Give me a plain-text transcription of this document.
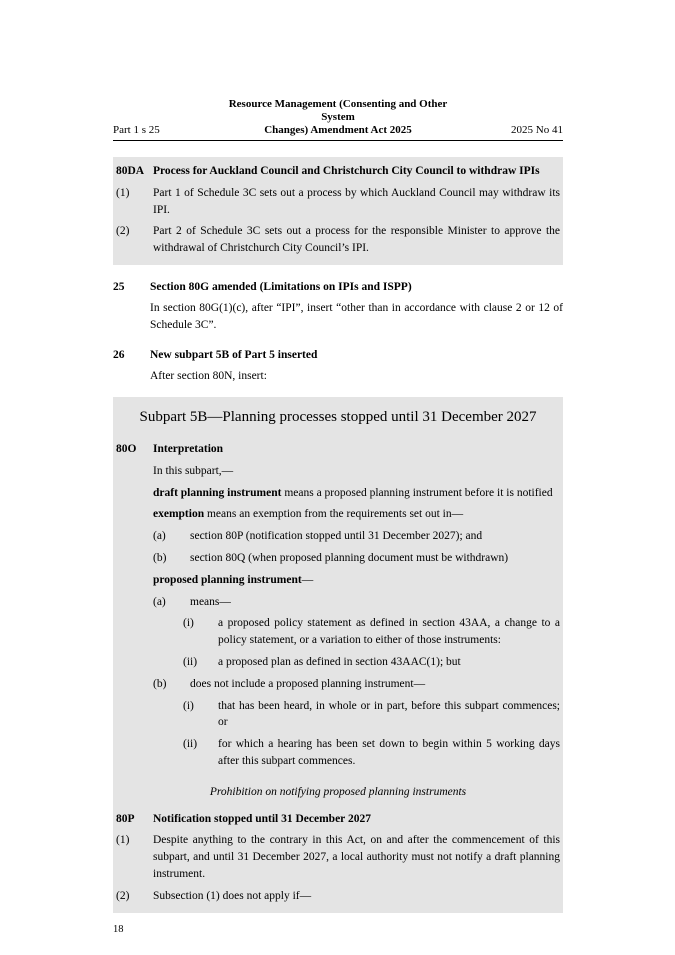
Part 1 s 25
Resource Management (Consenting and Other System
Changes) Amendment Act 2025	2025 No 41
80DA Process for Auckland Council and Christchurch City Council to withdraw IPIs
(1)	Part 1 of Schedule 3C sets out a process by which Auckland Council may withdraw its IPI.
(2)	Part 2 of Schedule 3C sets out a process for the responsible Minister to approve the withdrawal of Christchurch City Council’s IPI.
25	Section 80G amended (Limitations on IPIs and ISPP)
In section 80G(1)(c), after “IPI”, insert “other than in accordance with clause 2 or 12 of Schedule 3C”.
26	New subpart 5B of Part 5 inserted
After section 80N, insert:
Subpart 5B—Planning processes stopped until 31 December 2027
80O	Interpretation
In this subpart,—
draft planning instrument means a proposed planning instrument before it is notified
exemption means an exemption from the requirements set out in—
(a)	section 80P (notification stopped until 31 December 2027); and
(b)	section 80Q (when proposed planning document must be withdrawn)
proposed planning instrument—
(a)	means—
(i)	a proposed policy statement as defined in section 43AA, a change to a policy statement, or a variation to either of those instruments:
(ii)	a proposed plan as defined in section 43AAC(1); but
(b)	does not include a proposed planning instrument—
(i)	that has been heard, in whole or in part, before this subpart commences; or
(ii)	for which a hearing has been set down to begin within 5 working days after this subpart commences.
Prohibition on notifying proposed planning instruments
80P	Notification stopped until 31 December 2027
(1)	Despite anything to the contrary in this Act, on and after the commencement of this subpart, and until 31 December 2027, a local authority must not notify a draft planning instrument.
(2)	Subsection (1) does not apply if—
18
